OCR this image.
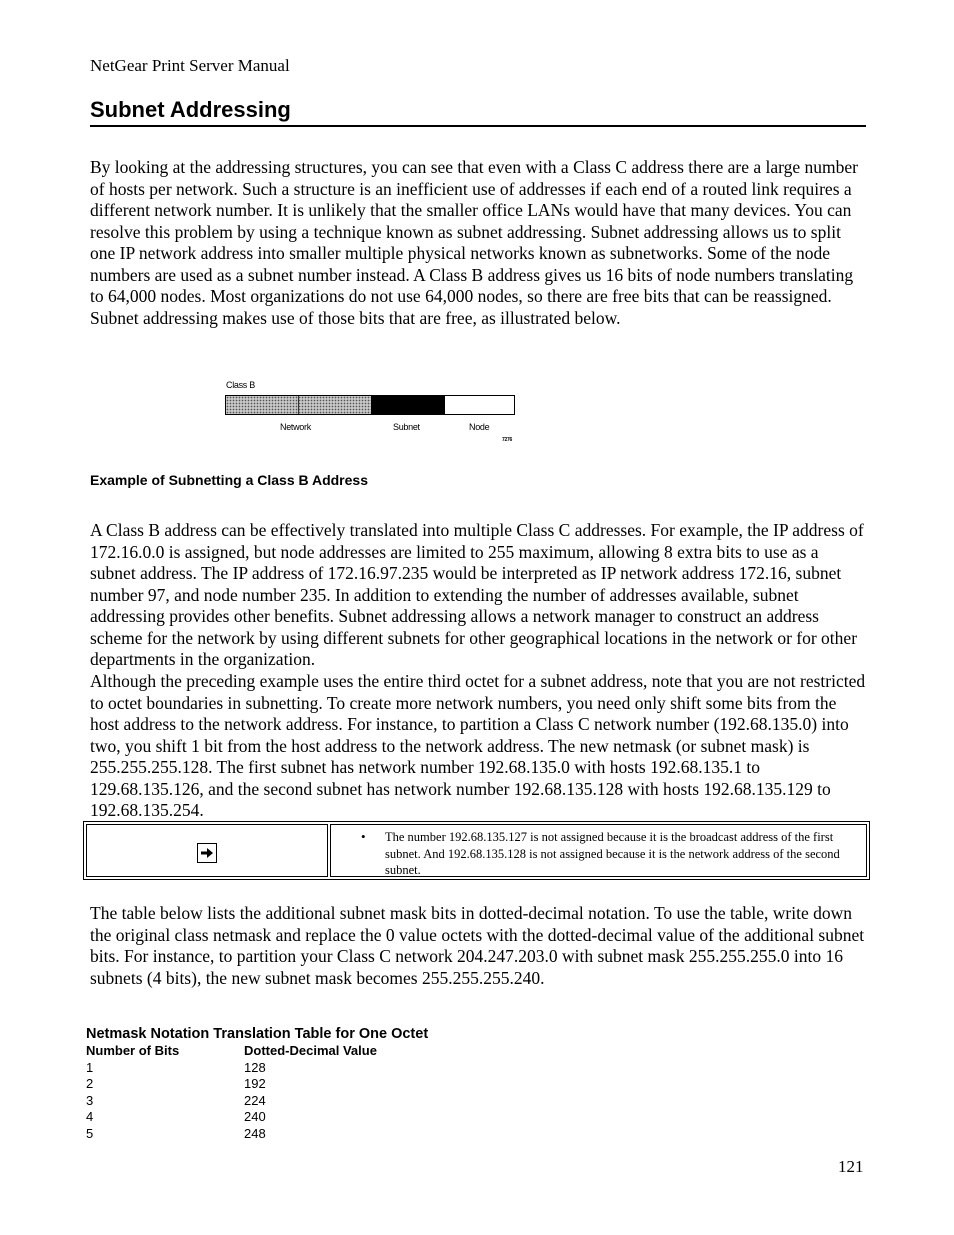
NetGear Print Server Manual
Subnet Addressing

By looking at the addressing structures, you can see that even with a Class C address there are a large number of hosts per network. Such a structure is an inefficient use of addresses if each end of a routed link requires a different network number. It is unlikely that the smaller office LANs would have that many devices. You can resolve this problem by using a technique known as subnet addressing. Subnet addressing allows us to split one IP network address into smaller multiple physical networks known as subnetworks. Some of the node numbers are used as a subnet number instead. A Class B address gives us 16 bits of node numbers translating to 64,000 nodes. Most organizations do not use 64,000 nodes, so there are free bits that can be reassigned. Subnet addressing makes use of those bits that are free, as illustrated below.

Class B
Network	Subnet	Node
7276
Example of Subnetting a Class B Address

A Class B address can be effectively translated into multiple Class C addresses. For example, the IP address of 172.16.0.0 is assigned, but node addresses are limited to 255 maximum, allowing 8 extra bits to use as a subnet address. The IP address of 172.16.97.235 would be interpreted as IP network address 172.16, subnet number 97, and node number 235. In addition to extending the number of addresses available, subnet addressing provides other benefits. Subnet addressing allows a network manager to construct an address scheme for the network by using different subnets for other geographical locations in the network or for other departments in the organization.

Although the preceding example uses the entire third octet for a subnet address, note that you are not restricted to octet boundaries in subnetting. To create more network numbers, you need only shift some bits from the host address to the network address. For instance, to partition a Class C network number (192.68.135.0) into two, you shift 1 bit from the host address to the network address. The new netmask (or subnet mask) is 255.255.255.128. The first subnet has network number 192.68.135.0 with hosts 192.68.135.1 to 129.68.135.126, and the second subnet has network number 192.68.135.128 with hosts 192.68.135.129 to 192.68.135.254.

• The number 192.68.135.127 is not assigned because it is the broadcast address of the first subnet. And 192.68.135.128 is not assigned because it is the network address of the second subnet.

The table below lists the additional subnet mask bits in dotted-decimal notation. To use the table, write down the original class netmask and replace the 0 value octets with the dotted-decimal value of the additional subnet bits. For instance, to partition your Class C network 204.247.203.0 with subnet mask 255.255.255.0 into 16 subnets (4 bits), the new subnet mask becomes 255.255.255.240.

Netmask Notation Translation Table for One Octet
Number of Bits	Dotted-Decimal Value
1	128
2	192
3	224
4	240
5	248
121
